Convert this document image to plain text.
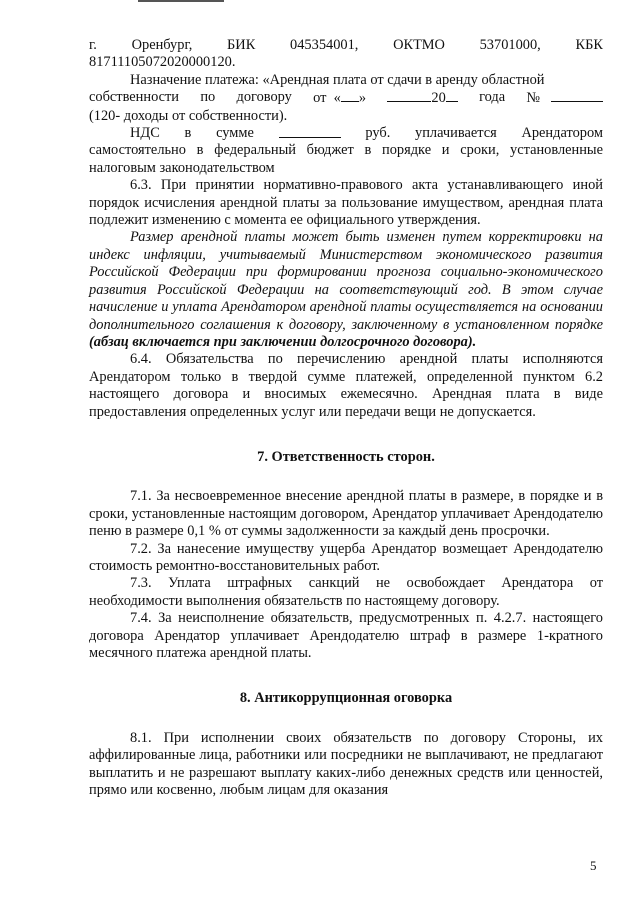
г. Оренбург, БИК 045354001, ОКТМО 53701000, КБК

81711105072020000120.

Назначение платежа: «Арендная плата от сдачи в аренду областной

собственности по договору от « »	20	года №

(120- доходы от собственности).

НДС в сумме	руб. уплачивается Арендатором

самостоятельно в федеральный бюджет в порядке и сроки, установленные налоговым законодательством

6.3. При принятии нормативно-правового акта устанавливающего иной порядок исчисления арендной платы за пользование имуществом, арендная плата подлежит изменению с момента ее официального утверждения.

Размер арендной платы может быть изменен путем корректировки на индекс инфляции, учитываемый Министерством экономического развития Российской Федерации при формировании прогноза социально-экономического развития Российской Федерации на соответствующий год. В этом случае начисление и уплата Арендатором арендной платы осуществляется на основании дополнительного соглашения к договору, заключенному в установленном порядке (абзац включается при заключении долгосрочного договора).

6.4. Обязательства по перечислению арендной платы исполняются Арендатором только в твердой сумме платежей, определенной пунктом 6.2 настоящего договора и вносимых ежемесячно. Арендная плата в виде предоставления определенных услуг или передачи вещи не допускается.

7. Ответственность сторон.

7.1. За несвоевременное внесение арендной платы в размере, в порядке и в сроки, установленные настоящим договором, Арендатор уплачивает Арендодателю пеню в размере 0,1 % от суммы задолженности за каждый день просрочки.

7.2. За нанесение имуществу ущерба Арендатор возмещает Арендодателю стоимость ремонтно-восстановительных работ.

7.3. Уплата штрафных санкций не освобождает Арендатора от необходимости выполнения обязательств по настоящему договору.

7.4. За неисполнение обязательств, предусмотренных п. 4.2.7. настоящего договора Арендатор уплачивает Арендодателю штраф в размере 1-кратного месячного платежа арендной платы.

8. Антикоррупционная оговорка

8.1. При исполнении своих обязательств по договору Стороны, их аффилированные лица, работники или посредники не выплачивают, не предлагают выплатить и не разрешают выплату каких-либо денежных средств или ценностей, прямо или косвенно, любым лицам для оказания

5
